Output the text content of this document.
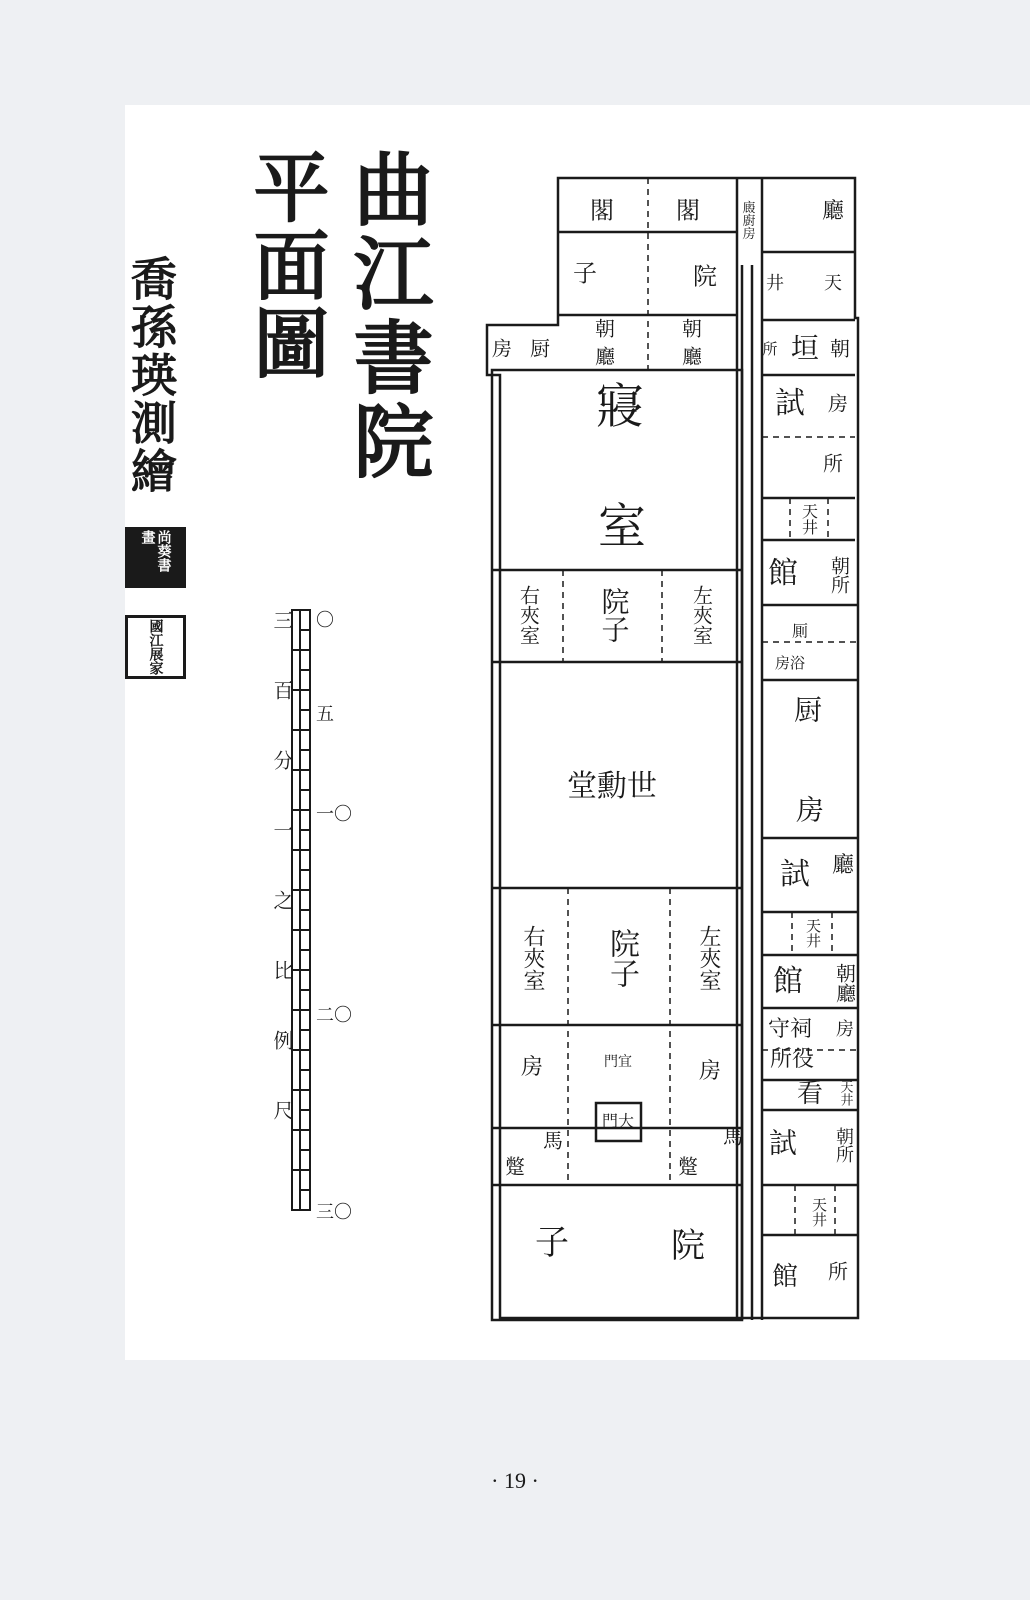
曲江書院
平面圖
喬孫瑛測繪
尚葵書畫
國江展家	三百分一之比例尺 〇
五
一〇
二〇
三〇
閣	閣	廄廚房	廳
子	院	井 天
房 厨
朝
廳
朝
廳	所 垣 朝
寢
室
試 房
所
天井
館 朝所
厠
房浴
右夾室 院子	左夾室
堂勳世
厨
房
試 廳
天井
館 朝廳
右夾室 院子	左夾室
守祠
所役
房
看 天井
房	房
門宜
門大
馬
蹩
馬
蹩
試 朝所
天井
子	院
館 所
· 19 ·
